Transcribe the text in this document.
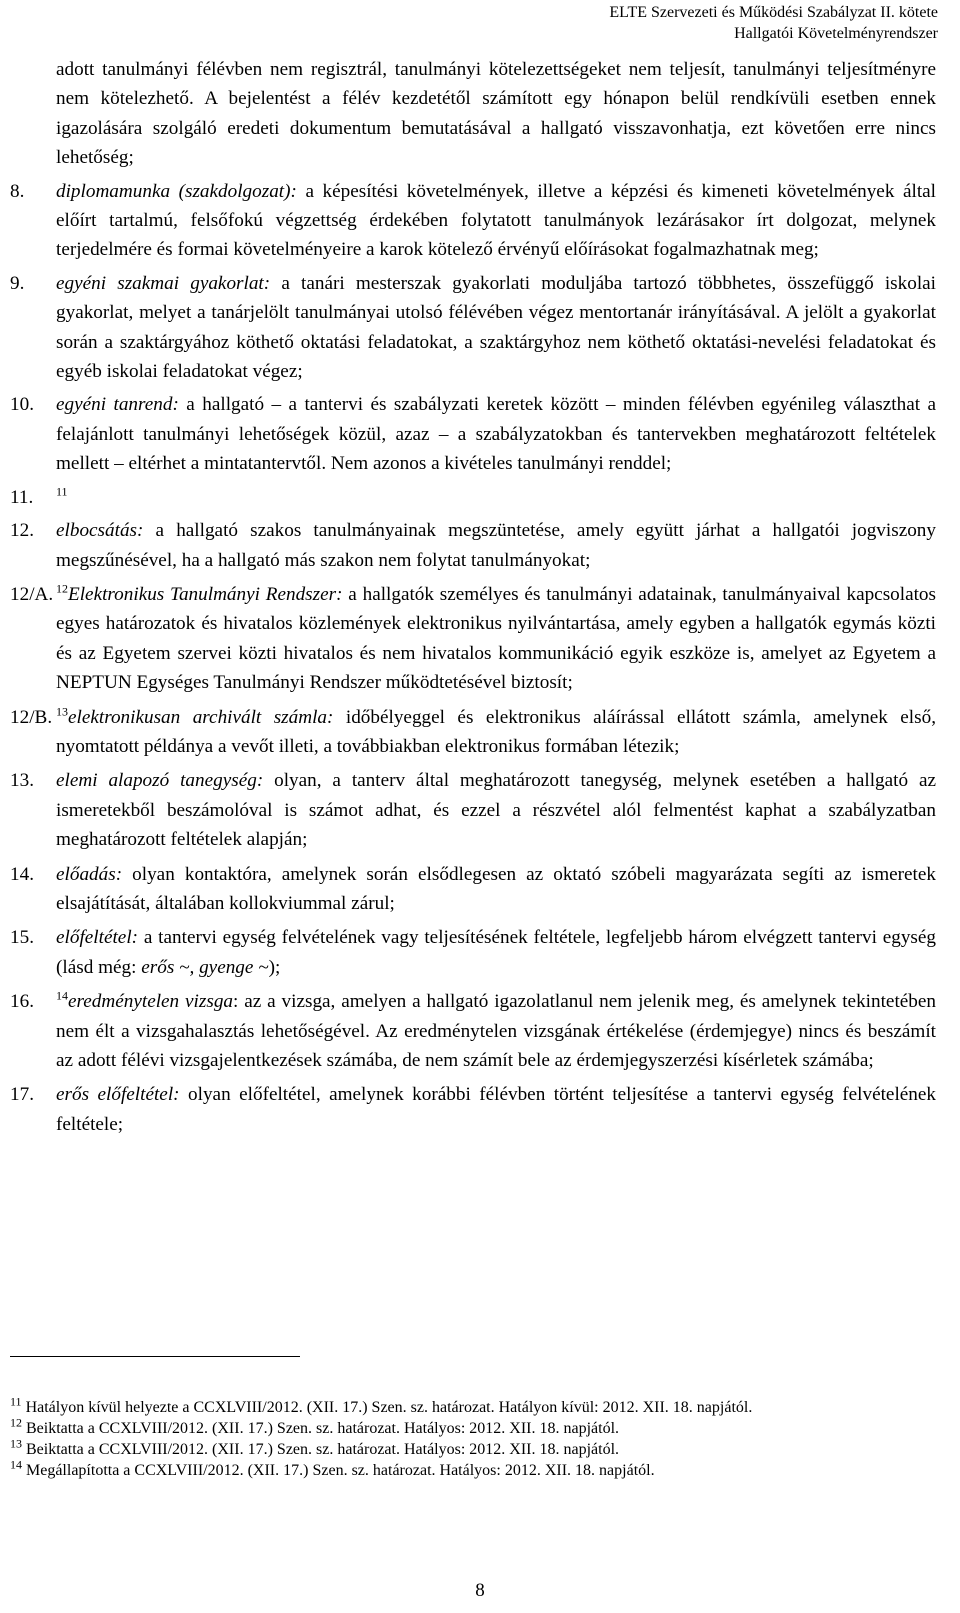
ELTE Szervezeti és Működési Szabályzat II. kötete
Hallgatói Követelményrendszer
adott tanulmányi félévben nem regisztrál, tanulmányi kötelezettségeket nem teljesít, tanulmányi teljesítményre nem kötelezhető. A bejelentést a félév kezdetétől számított egy hónapon belül rendkívüli esetben ennek igazolására szolgáló eredeti dokumentum bemutatásával a hallgató visszavonhatja, ezt követően erre nincs lehetőség;
8.	diplomamunka (szakdolgozat): a képesítési követelmények, illetve a képzési és kimeneti követelmények által előírt tartalmú, felsőfokú végzettség érdekében folytatott tanulmányok lezárásakor írt dolgozat, melynek terjedelmére és formai követelményeire a karok kötelező érvényű előírásokat fogalmazhatnak meg;
9.	egyéni szakmai gyakorlat: a tanári mesterszak gyakorlati moduljába tartozó többhetes, összefüggő iskolai gyakorlat, melyet a tanárjelölt tanulmányai utolsó félévében végez mentortanár irányításával. A jelölt a gyakorlat során a szaktárgyához köthető oktatási feladatokat, a szaktárgyhoz nem köthető oktatási-nevelési feladatokat és egyéb iskolai feladatokat végez;
10.	egyéni tanrend: a hallgató – a tantervi és szabályzati keretek között – minden félévben egyénileg választhat a felajánlott tanulmányi lehetőségek közül, azaz – a szabályzatokban és tantervekben meghatározott feltételek mellett – eltérhet a mintatantervtől. Nem azonos a kivételes tanulmányi renddel;
11.	$^{11}$
12.	elbocsátás: a hallgató szakos tanulmányainak megszüntetése, amely együtt járhat a hallgatói jogviszony megszűnésével, ha a hallgató más szakon nem folytat tanulmányokat;
12/A. $^{12}$Elektronikus Tanulmányi Rendszer: a hallgatók személyes és tanulmányi adatainak, tanulmányaival kapcsolatos egyes határozatok és hivatalos közlemények elektronikus nyilvántartása, amely egyben a hallgatók egymás közti és az Egyetem szervei közti hivatalos és nem hivatalos kommunikáció egyik eszköze is, amelyet az Egyetem a NEPTUN Egységes Tanulmányi Rendszer működtetésével biztosít;
12/B. $^{13}$elektronikusan archivált számla: időbélyeggel és elektronikus aláírással ellátott számla, amelynek első, nyomtatott példánya a vevőt illeti, a továbbiakban elektronikus formában létezik;
13.	elemi alapozó tanegység: olyan, a tanterv által meghatározott tanegység, melynek esetében a hallgató az ismeretekből beszámolóval is számot adhat, és ezzel a részvétel alól felmentést kaphat a szabályzatban meghatározott feltételek alapján;
14.	előadás: olyan kontaktóra, amelynek során elsődlegesen az oktató szóbeli magyarázata segíti az ismeretek elsajátítását, általában kollokviummal zárul;
15.	előfeltétel: a tantervi egység felvételének vagy teljesítésének feltétele, legfeljebb három elvégzett tantervi egység (lásd még: erős ~, gyenge ~);
16.	$^{14}$eredménytelen vizsga: az a vizsga, amelyen a hallgató igazolatlanul nem jelenik meg, és amelynek tekintetében nem élt a vizsgahalasztás lehetőségével. Az eredménytelen vizsgának értékelése (érdemjegye) nincs és beszámít az adott félévi vizsgajelentkezések számába, de nem számít bele az érdemjegyszerzési kísérletek számába;
17.	erős előfeltétel: olyan előfeltétel, amelynek korábbi félévben történt teljesítése a tantervi egység felvételének feltétele;
$^{11}$ Hatályon kívül helyezte a CCXLVIII/2012. (XII. 17.) Szen. sz. határozat. Hatályon kívül: 2012. XII. 18. napjától.
$^{12}$ Beiktatta a CCXLVIII/2012. (XII. 17.) Szen. sz. határozat. Hatályos: 2012. XII. 18. napjától.
$^{13}$ Beiktatta a CCXLVIII/2012. (XII. 17.) Szen. sz. határozat. Hatályos: 2012. XII. 18. napjától.
$^{14}$ Megállapította a CCXLVIII/2012. (XII. 17.) Szen. sz. határozat. Hatályos: 2012. XII. 18. napjától.
8
